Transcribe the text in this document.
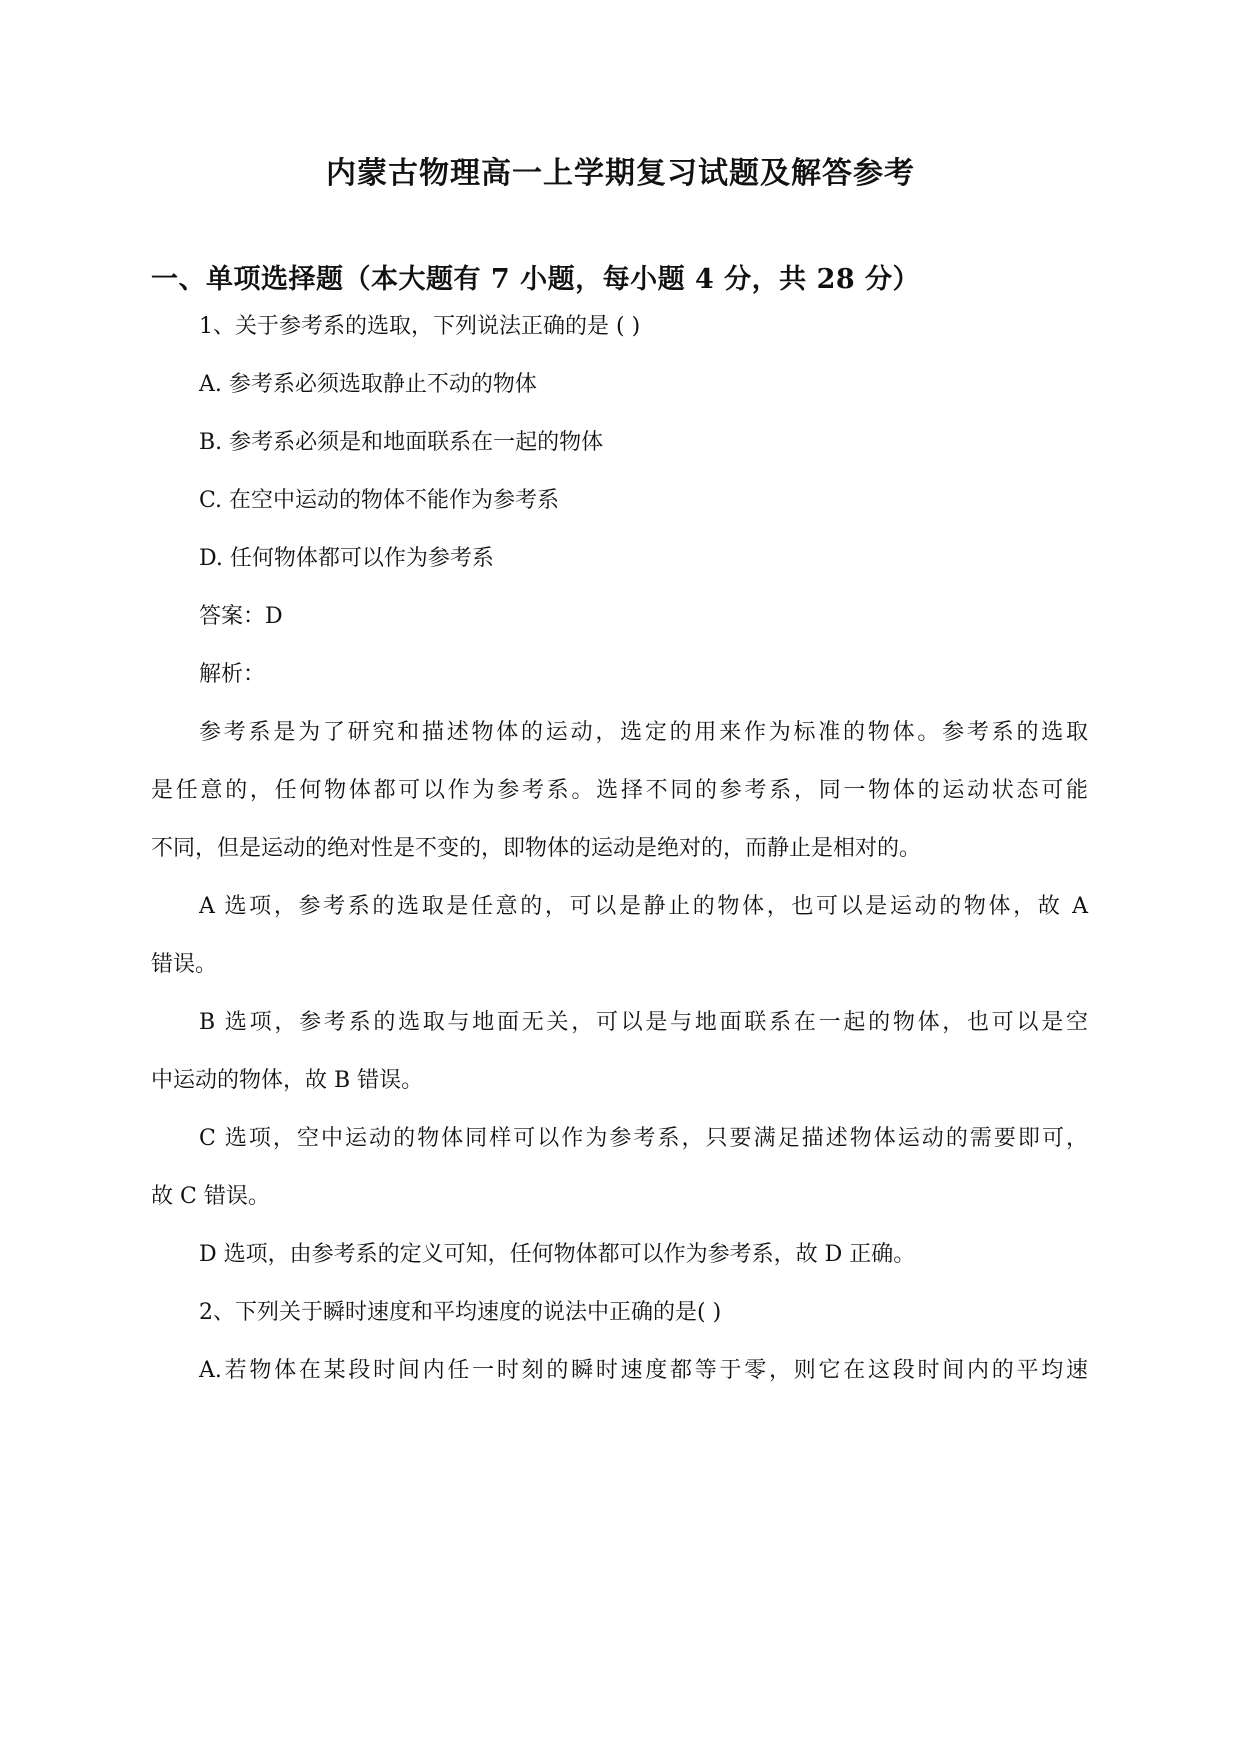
内蒙古物理高一上学期复习试题及解答参考
一、单项选择题（本大题有 7 小题，每小题 4 分，共 28 分）
1、关于参考系的选取，下列说法正确的是 ( )
A. 参考系必须选取静止不动的物体
B. 参考系必须是和地面联系在一起的物体
C. 在空中运动的物体不能作为参考系
D. 任何物体都可以作为参考系
答案：D
解析：
参考系是为了研究和描述物体的运动，选定的用来作为标准的物体。参考系的选取
是任意的，任何物体都可以作为参考系。选择不同的参考系，同一物体的运动状态可能
不同，但是运动的绝对性是不变的，即物体的运动是绝对的，而静止是相对的。
A 选项，参考系的选取是任意的，可以是静止的物体，也可以是运动的物体，故 A
错误。
B 选项，参考系的选取与地面无关，可以是与地面联系在一起的物体，也可以是空
中运动的物体，故 B 错误。
C 选项，空中运动的物体同样可以作为参考系，只要满足描述物体运动的需要即可，
故 C 错误。
D 选项，由参考系的定义可知，任何物体都可以作为参考系，故 D 正确。
2、下列关于瞬时速度和平均速度的说法中正确的是( )
A.若物体在某段时间内任一时刻的瞬时速度都等于零，则它在这段时间内的平均速
